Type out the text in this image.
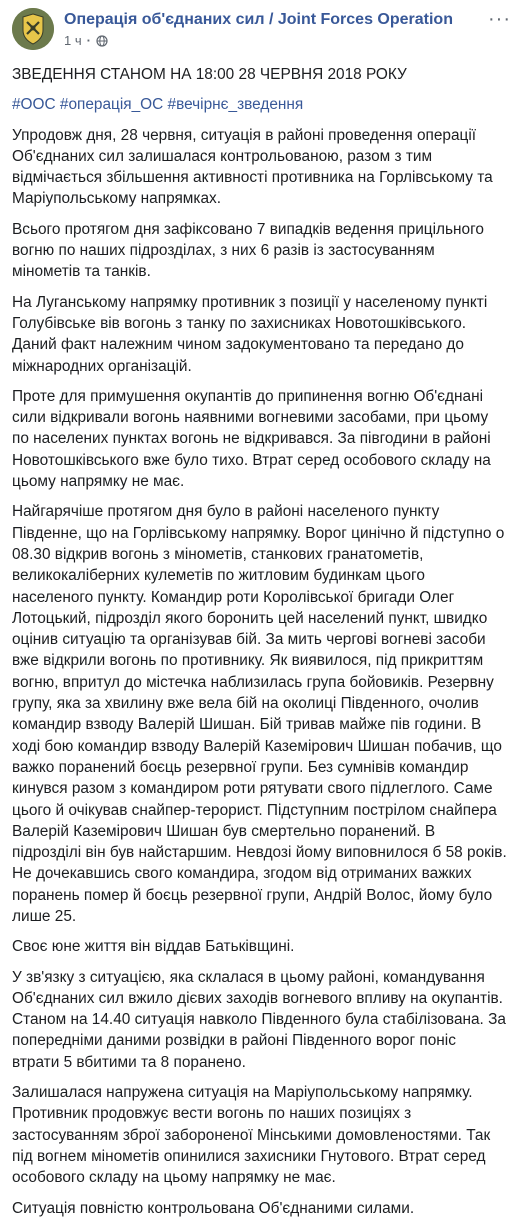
Операція об'єднаних сил / Joint Forces Operation
1 ч ·
···

ЗВЕДЕННЯ СТАНОМ НА 18:00 28 ЧЕРВНЯ 2018 РОКУ

#ООС #операція_ОС #вечірнє_зведення

Упродовж дня, 28 червня, ситуація в районі проведення операції Об'єднаних сил залишалася контрольованою, разом з тим відмічається збільшення активності противника на Горлівському та Маріупольському напрямках.

Всього протягом дня зафіксовано 7 випадків ведення прицільного вогню по наших підрозділах, з них 6 разів із застосуванням мінометів та танків.

На Луганському напрямку противник з позиції у населеному пункті Голубівське вів вогонь з танку по захисниках Новотошківського. Даний факт належним чином задокументовано та передано до міжнародних організацій.

Проте для примушення окупантів до припинення вогню Об'єднані сили відкривали вогонь наявними вогневими засобами, при цьому по населених пунктах вогонь не відкривався. За півгодини в районі Новотошківського вже було тихо. Втрат серед особового складу на цьому напрямку не має.

Найгарячіше протягом дня було в районі населеного пункту Південне, що на Горлівському напрямку. Ворог цинічно й підступно о 08.30 відкрив вогонь з мінометів, станкових гранатометів, великокаліберних кулеметів по житловим будинкам цього населеного пункту. Командир роти Королівської бригади Олег Лотоцький, підрозділ якого боронить цей населений пункт, швидко оцінив ситуацію та організував бій. За мить чергові вогневі засоби вже відкрили вогонь по противнику. Як виявилося, під прикриттям вогню, впритул до містечка наблизилась група бойовиків. Резервну групу, яка за хвилину вже вела бій на околиці Південного, очолив командир взводу Валерій Шишан. Бій тривав майже пів години. В ході бою командир взводу Валерій Каземірович Шишан побачив, що важко поранений боєць резервної групи. Без сумнівів командир кинувся разом з командиром роти рятувати свого підлеглого. Саме цього й очікував снайпер-терорист. Підступним пострілом снайпера Валерій Каземірович Шишан був смертельно поранений. В підрозділі він був найстаршим. Невдозі йому виповнилося б 58 років. Не дочекавшись свого командира, згодом від отриманих важких поранень помер й боєць резервної групи, Андрій Волос, йому було лише 25.

Своє юне життя він віддав Батьківщині.

У зв'язку з ситуацією, яка склалася в цьому районі, командування Об'єднаних сил вжило дієвих заходів вогневого впливу на окупантів. Станом на 14.40 ситуація навколо Південного була стабілізована. За попередніми даними розвідки в районі Південного ворог поніс втрати 5 вбитими та 8 поранено.

Залишалася напружена ситуація на Маріупольському напрямку. Противник продовжує вести вогонь по наших позиціях з застосуванням зброї забороненої Мінськими домовленостями. Так під вогнем мінометів опинилися захисники Гнутового. Втрат серед особового складу на цьому напрямку не має.

Ситуація повністю контрольована Об'єднаними силами.
